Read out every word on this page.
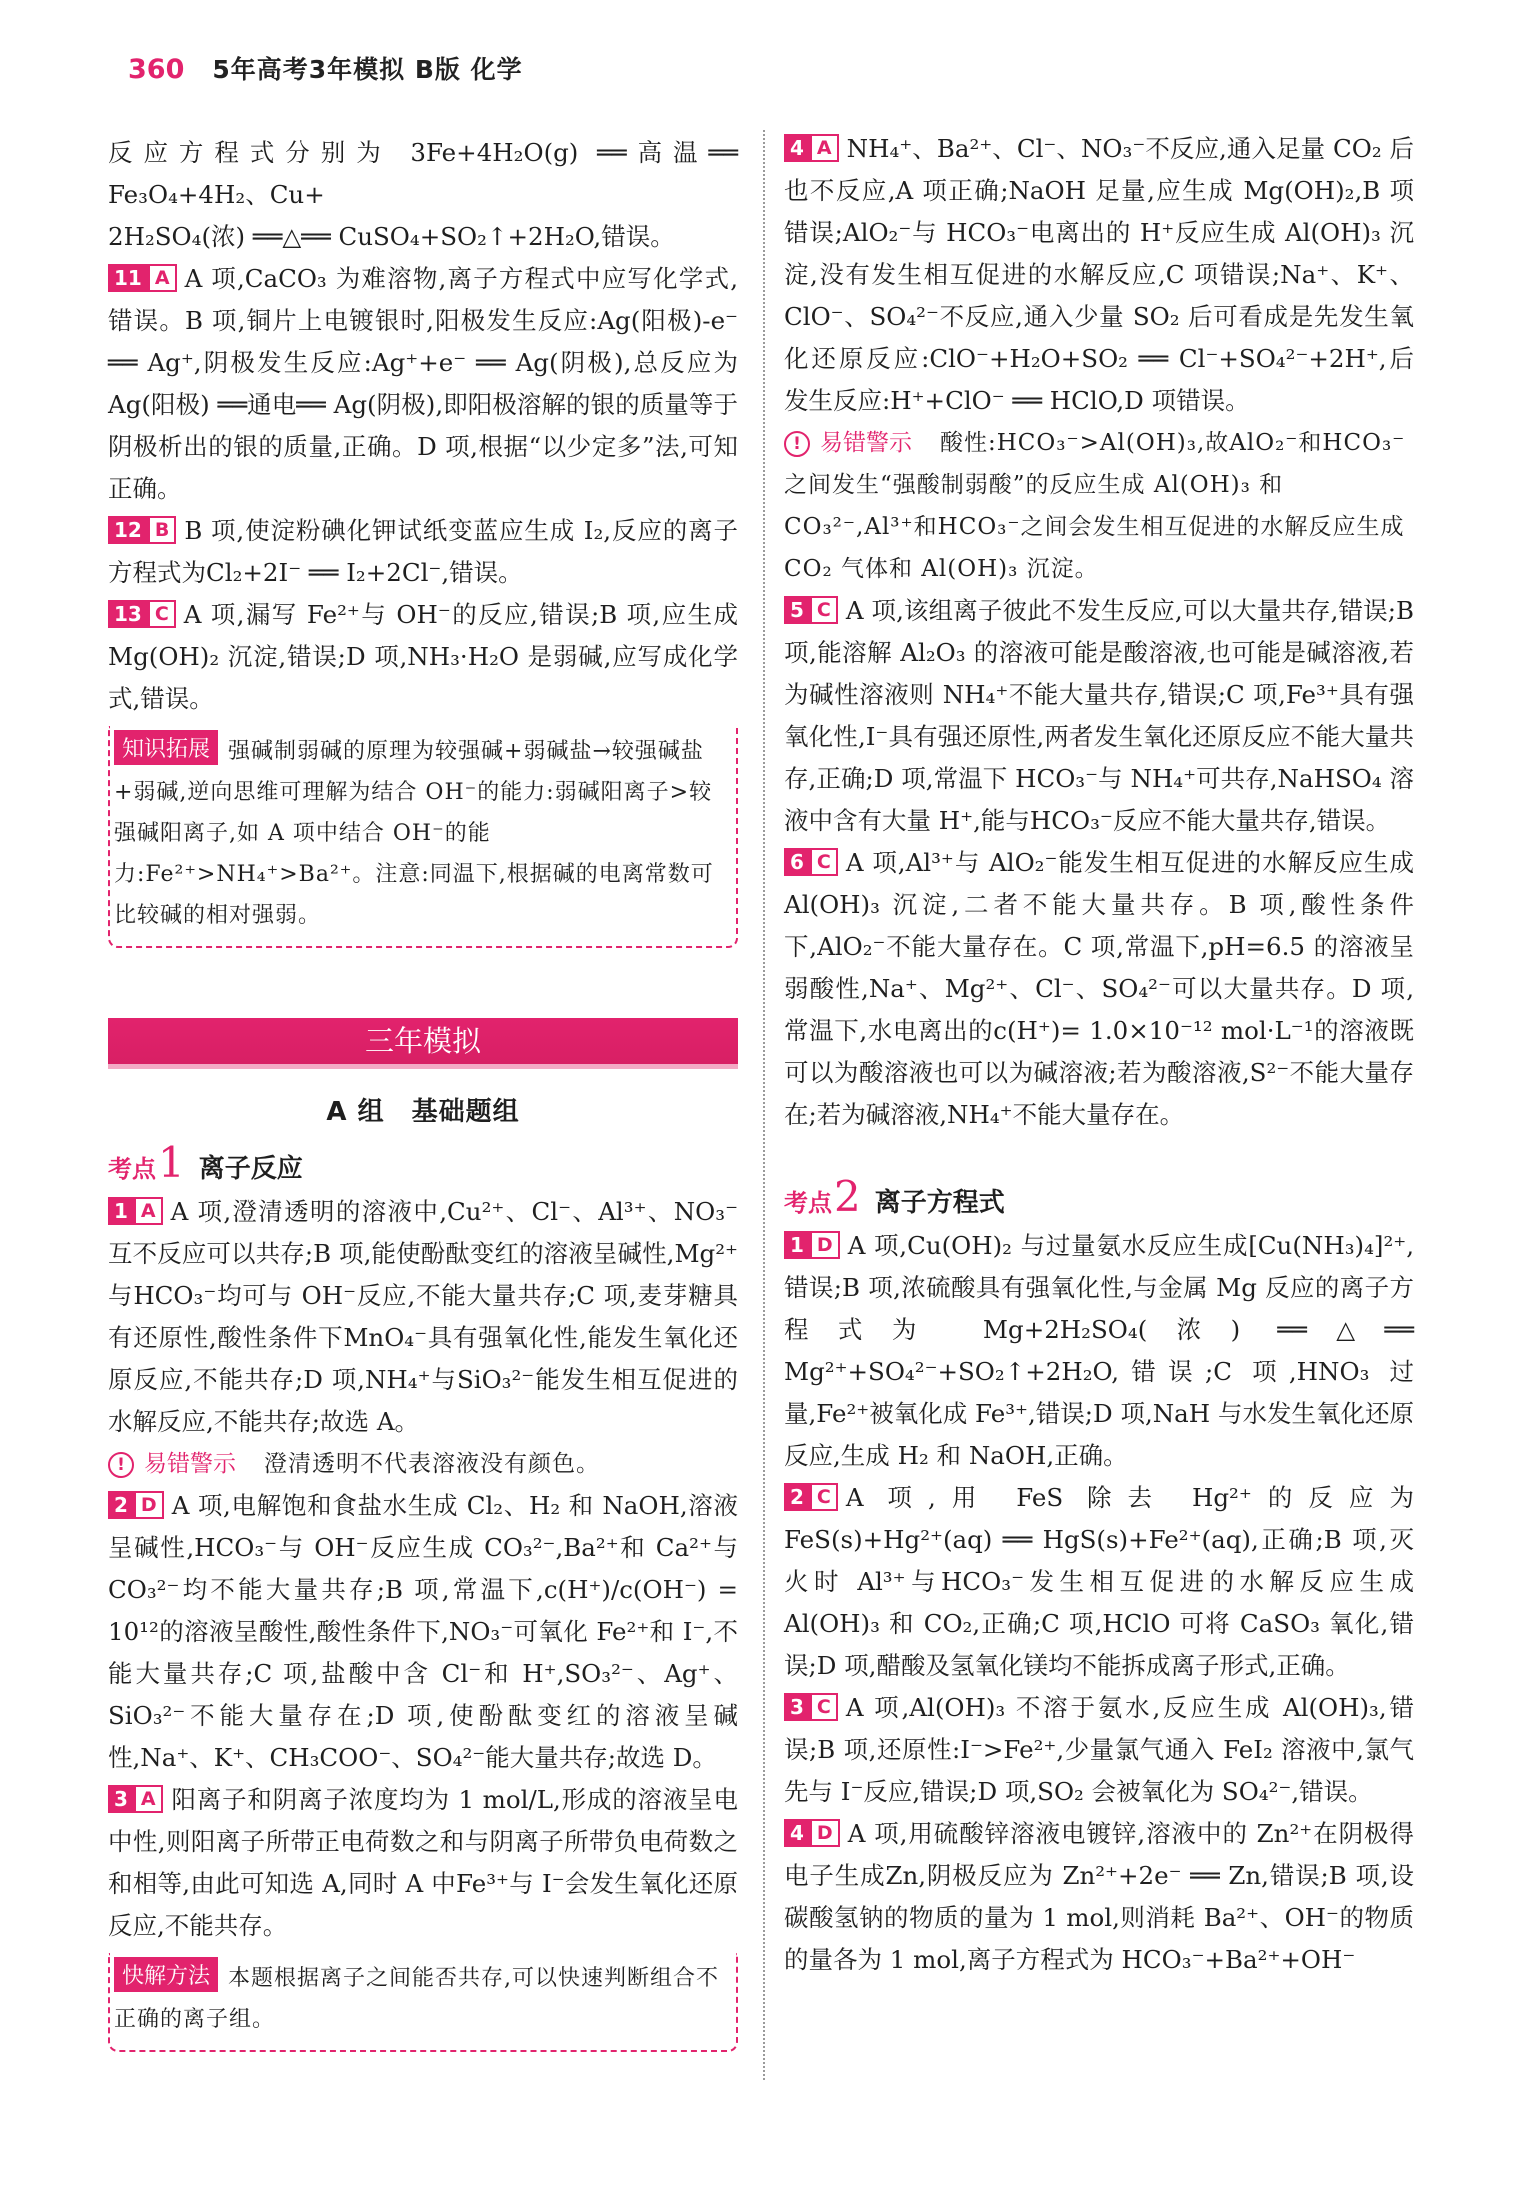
360 5年高考3年模拟 B版 化学

反应方程式分别为 3Fe+4H₂O(g) ══高温══ Fe₃O₄+4H₂、Cu+

2H₂SO₄(浓) ══△══ CuSO₄+SO₂↑+2H₂O,错误。

11 A A 项,CaCO₃ 为难溶物,离子方程式中应写化学式,错误。B 项,铜片上电镀银时,阳极发生反应:Ag(阳极)-e⁻ ══ Ag⁺,阴极发生反应:Ag⁺+e⁻ ══ Ag(阴极),总反应为 Ag(阳极) ══通电══ Ag(阴极),即阳极溶解的银的质量等于阴极析出的银的质量,正确。D 项,根据“以少定多”法,可知正确。

12 B B 项,使淀粉碘化钾试纸变蓝应生成 I₂,反应的离子方程式为Cl₂+2I⁻ ══ I₂+2Cl⁻,错误。

13 C A 项,漏写 Fe²⁺与 OH⁻的反应,错误;B 项,应生成 Mg(OH)₂ 沉淀,错误;D 项,NH₃·H₂O 是弱碱,应写成化学式,错误。

知识拓展 强碱制弱碱的原理为较强碱+弱碱盐→较强碱盐+弱碱,逆向思维可理解为结合 OH⁻的能力:弱碱阳离子>较强碱阳离子,如 A 项中结合 OH⁻的能力:Fe²⁺>NH₄⁺>Ba²⁺。注意:同温下,根据碱的电离常数可比较碱的相对强弱。
三年模拟
A 组　基础题组
考点 1 离子反应

1 A A 项,澄清透明的溶液中,Cu²⁺、Cl⁻、Al³⁺、NO₃⁻互不反应可以共存;B 项,能使酚酞变红的溶液呈碱性,Mg²⁺与HCO₃⁻均可与 OH⁻反应,不能大量共存;C 项,麦芽糖具有还原性,酸性条件下MnO₄⁻具有强氧化性,能发生氧化还原反应,不能共存;D 项,NH₄⁺与SiO₃²⁻能发生相互促进的水解反应,不能共存;故选 A。

! 易错警示 澄清透明不代表溶液没有颜色。

2 D A 项,电解饱和食盐水生成 Cl₂、H₂ 和 NaOH,溶液呈碱性,HCO₃⁻与 OH⁻反应生成 CO₃²⁻,Ba²⁺和 Ca²⁺与 CO₃²⁻均不能大量共存;B 项,常温下,c(H⁺)/c(OH⁻) = 10¹²的溶液呈酸性,酸性条件下,NO₃⁻可氧化 Fe²⁺和 I⁻,不能大量共存;C 项,盐酸中含 Cl⁻和 H⁺,SO₃²⁻、Ag⁺、SiO₃²⁻不能大量存在;D 项,使酚酞变红的溶液呈碱性,Na⁺、K⁺、CH₃COO⁻、SO₄²⁻能大量共存;故选 D。

3 A 阳离子和阴离子浓度均为 1 mol/L,形成的溶液呈电中性,则阳离子所带正电荷数之和与阴离子所带负电荷数之和相等,由此可知选 A,同时 A 中Fe³⁺与 I⁻会发生氧化还原反应,不能共存。

快解方法 本题根据离子之间能否共存,可以快速判断组合不正确的离子组。

4 A NH₄⁺、Ba²⁺、Cl⁻、NO₃⁻不反应,通入足量 CO₂ 后也不反应,A 项正确;NaOH 足量,应生成 Mg(OH)₂,B 项错误;AlO₂⁻与 HCO₃⁻电离出的 H⁺反应生成 Al(OH)₃ 沉淀,没有发生相互促进的水解反应,C 项错误;Na⁺、K⁺、ClO⁻、SO₄²⁻不反应,通入少量 SO₂ 后可看成是先发生氧化还原反应:ClO⁻+H₂O+SO₂ ══ Cl⁻+SO₄²⁻+2H⁺,后发生反应:H⁺+ClO⁻ ══ HClO,D 项错误。

! 易错警示 酸性:HCO₃⁻>Al(OH)₃,故AlO₂⁻和HCO₃⁻之间发生“强酸制弱酸”的反应生成 Al(OH)₃ 和 CO₃²⁻,Al³⁺和HCO₃⁻之间会发生相互促进的水解反应生成 CO₂ 气体和 Al(OH)₃ 沉淀。

5 C A 项,该组离子彼此不发生反应,可以大量共存,错误;B 项,能溶解 Al₂O₃ 的溶液可能是酸溶液,也可能是碱溶液,若为碱性溶液则 NH₄⁺不能大量共存,错误;C 项,Fe³⁺具有强氧化性,I⁻具有强还原性,两者发生氧化还原反应不能大量共存,正确;D 项,常温下 HCO₃⁻与 NH₄⁺可共存,NaHSO₄ 溶液中含有大量 H⁺,能与HCO₃⁻反应不能大量共存,错误。

6 C A 项,Al³⁺与 AlO₂⁻能发生相互促进的水解反应生成 Al(OH)₃ 沉淀,二者不能大量共存。B 项,酸性条件下,AlO₂⁻不能大量存在。C 项,常温下,pH=6.5 的溶液呈弱酸性,Na⁺、Mg²⁺、Cl⁻、SO₄²⁻可以大量共存。D 项,常温下,水电离出的c(H⁺)= 1.0×10⁻¹² mol·L⁻¹的溶液既可以为酸溶液也可以为碱溶液;若为酸溶液,S²⁻不能大量存在;若为碱溶液,NH₄⁺不能大量存在。

考点 2 离子方程式

1 D A 项,Cu(OH)₂ 与过量氨水反应生成[Cu(NH₃)₄]²⁺,错误;B 项,浓硫酸具有强氧化性,与金属 Mg 反应的离子方程式为 Mg+2H₂SO₄(浓) ══△══ Mg²⁺+SO₄²⁻+SO₂↑+2H₂O,错误;C 项,HNO₃ 过量,Fe²⁺被氧化成 Fe³⁺,错误;D 项,NaH 与水发生氧化还原反应,生成 H₂ 和 NaOH,正确。

2 C A 项,用 FeS 除去 Hg²⁺的反应为 FeS(s)+Hg²⁺(aq) ══ HgS(s)+Fe²⁺(aq),正确;B 项,灭火时 Al³⁺与HCO₃⁻发生相互促进的水解反应生成 Al(OH)₃ 和 CO₂,正确;C 项,HClO 可将 CaSO₃ 氧化,错误;D 项,醋酸及氢氧化镁均不能拆成离子形式,正确。

3 C A 项,Al(OH)₃ 不溶于氨水,反应生成 Al(OH)₃,错误;B 项,还原性:I⁻>Fe²⁺,少量氯气通入 FeI₂ 溶液中,氯气先与 I⁻反应,错误;D 项,SO₂ 会被氧化为 SO₄²⁻,错误。

4 D A 项,用硫酸锌溶液电镀锌,溶液中的 Zn²⁺在阴极得电子生成Zn,阴极反应为 Zn²⁺+2e⁻ ══ Zn,错误;B 项,设碳酸氢钠的物质的量为 1 mol,则消耗 Ba²⁺、OH⁻的物质的量各为 1 mol,离子方程式为 HCO₃⁻+Ba²⁺+OH⁻
